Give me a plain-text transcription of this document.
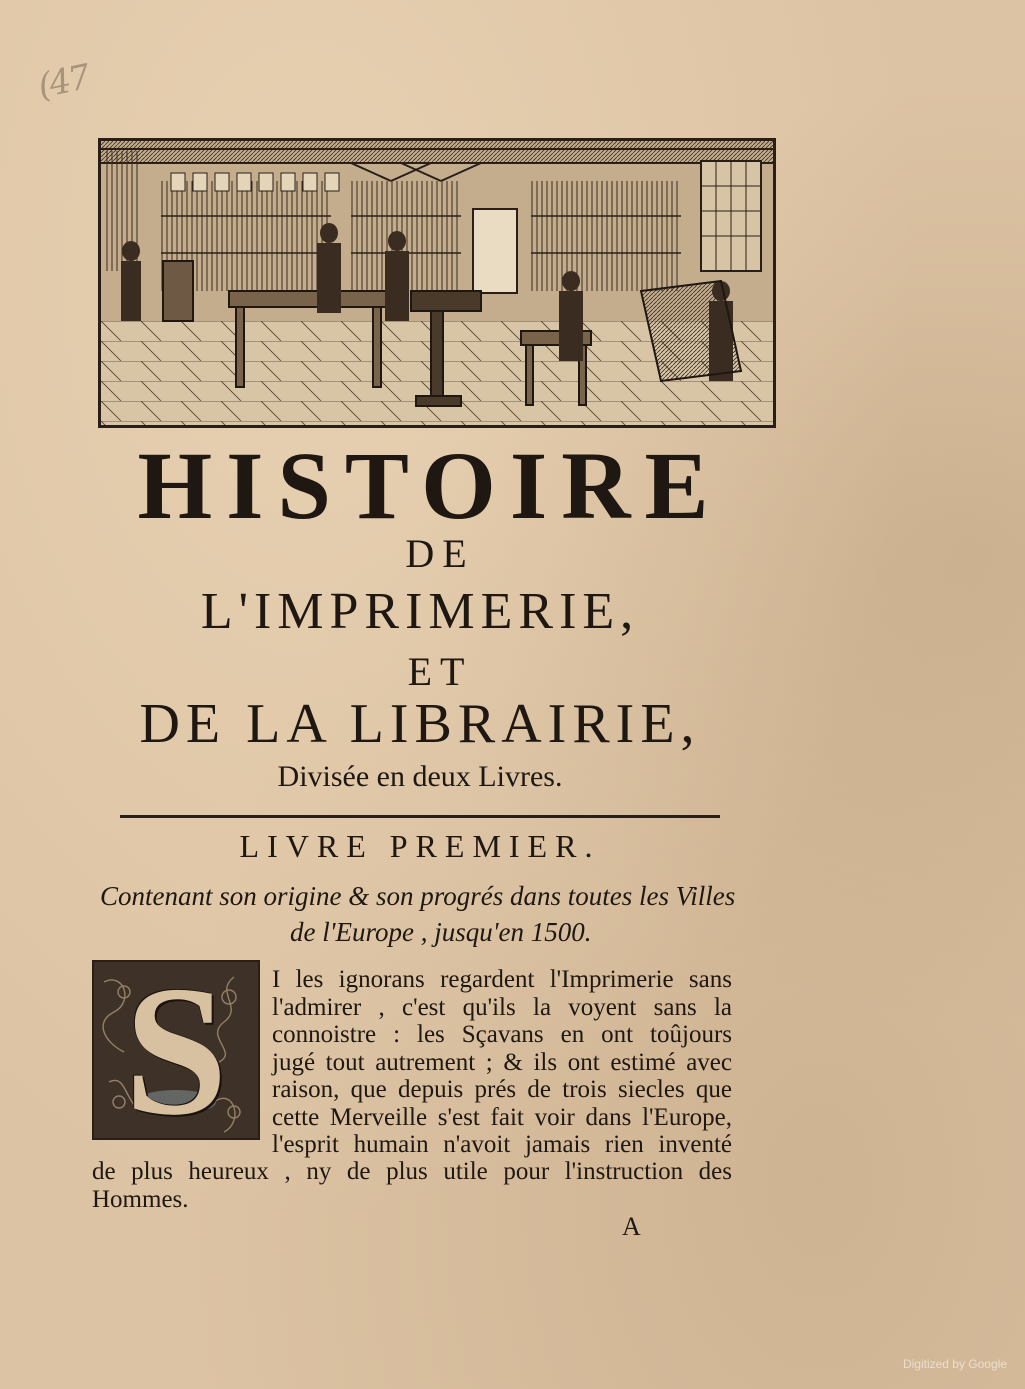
(47
HISTOIRE
DE
L'IMPRIMERIE,
ET
DE LA LIBRAIRIE,
Divisée en deux Livres.
LIVRE PREMIER.
Contenant son origine & son progrés dans toutes les Villes
de l'Europe , jusqu'en 1500.
S	I les ignorans regardent l'Imprimerie sans
l'admirer , c'est qu'ils la voyent sans la
connoistre : les Sçavans en ont toûjours
jugé tout autrement ; & ils ont estimé avec
raison, que depuis prés de trois siecles que
cette Merveille s'est fait voir dans l'Europe,
l'esprit humain n'avoit jamais rien inventé
de plus heureux , ny de plus utile pour l'instruction des
Hommes.
A
Digitized by Google
